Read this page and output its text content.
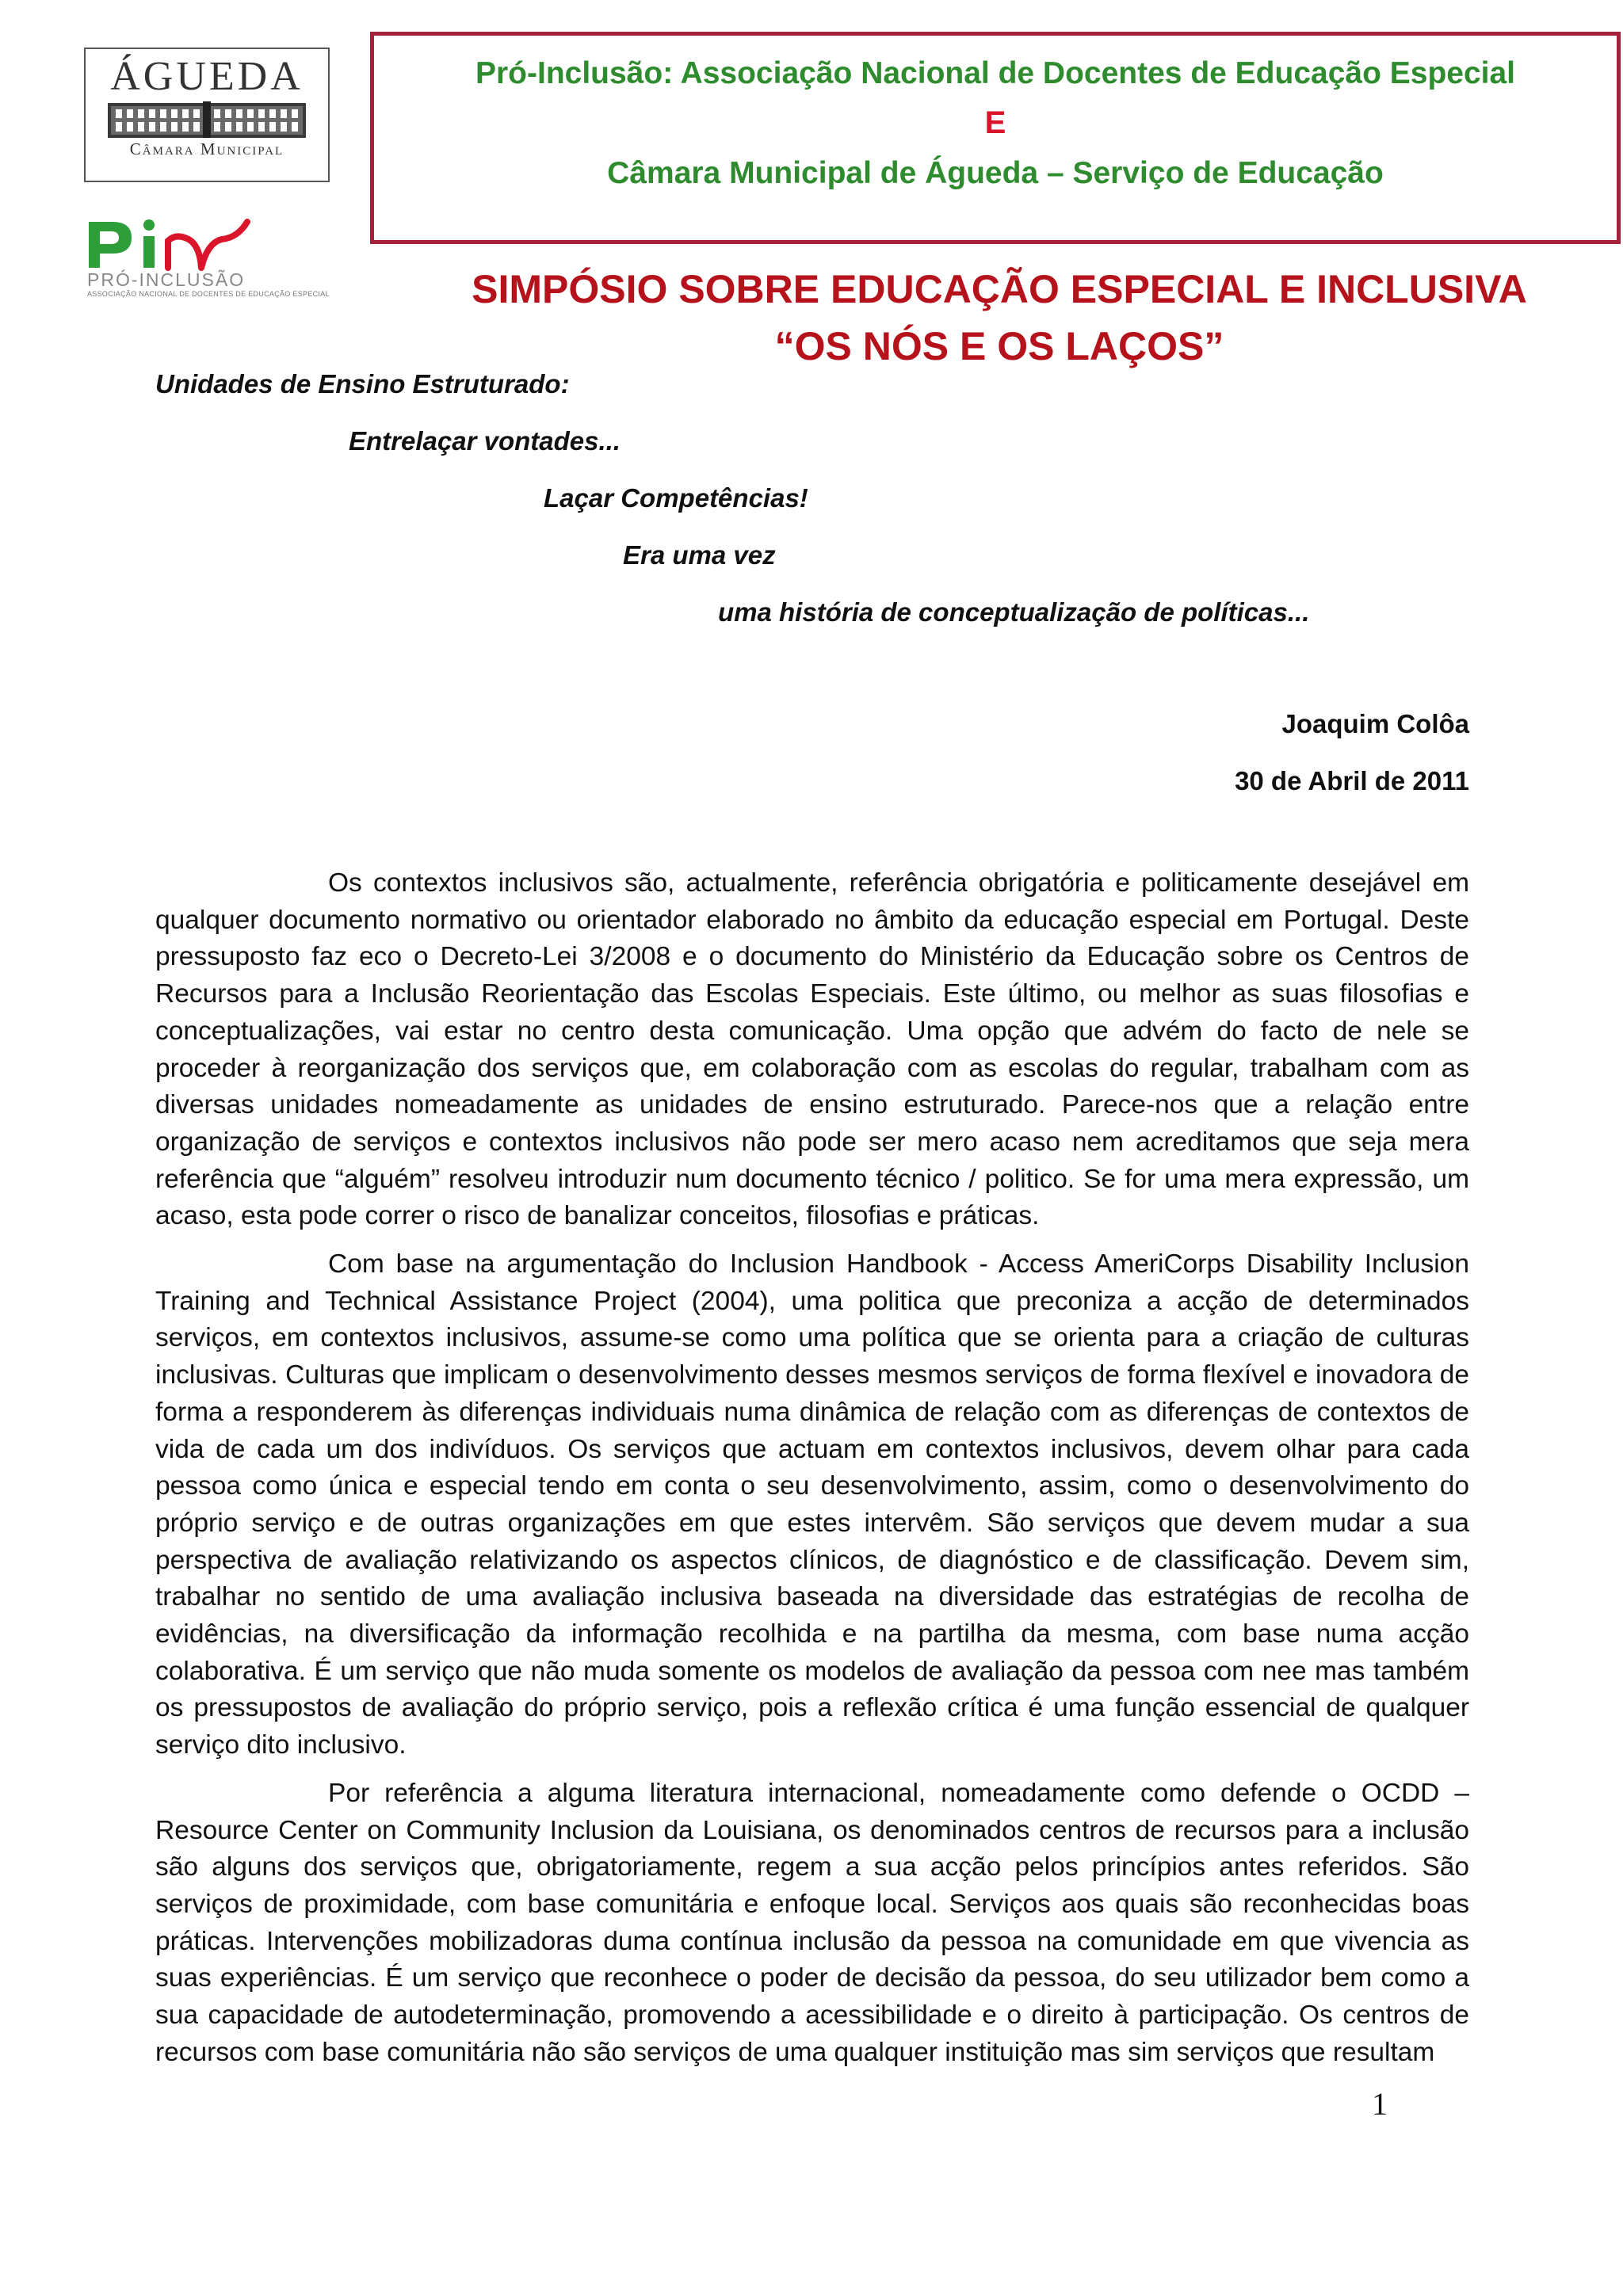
ÁGUEDA
Câmara Municipal
PRÓ-INCLUSÃO
ASSOCIAÇÃO NACIONAL DE DOCENTES DE EDUCAÇÃO ESPECIAL
Pró-Inclusão: Associação Nacional de Docentes de Educação Especial
E
Câmara Municipal de Águeda – Serviço de Educação
SIMPÓSIO SOBRE EDUCAÇÃO ESPECIAL E INCLUSIVA
“OS NÓS E OS LAÇOS”
Unidades de Ensino Estruturado:
Entrelaçar vontades...
Laçar Competências!
Era uma vez
uma história de conceptualização de políticas...
Joaquim Colôa
30 de Abril de 2011

Os contextos inclusivos são, actualmente, referência obrigatória e politicamente desejável em qualquer documento normativo ou orientador elaborado no âmbito da educação especial em Portugal. Deste pressuposto faz eco o Decreto-Lei 3/2008 e o documento do Ministério da Educação sobre os Centros de Recursos para a Inclusão Reorientação das Escolas Especiais. Este último, ou melhor as suas filosofias e conceptualizações, vai estar no centro desta comunicação. Uma opção que advém do facto de nele se proceder à reorganização dos serviços que, em colaboração com as escolas do regular, trabalham com as diversas unidades nomeadamente as unidades de ensino estruturado. Parece-nos que a relação entre organização de serviços e contextos inclusivos não pode ser mero acaso nem acreditamos que seja mera referência que “alguém” resolveu introduzir num documento técnico / politico. Se for uma mera expressão, um acaso, esta pode correr o risco de banalizar conceitos, filosofias e práticas.

Com base na argumentação do Inclusion Handbook - Access AmeriCorps Disability Inclusion Training and Technical Assistance Project (2004), uma politica que preconiza a acção de determinados serviços, em contextos inclusivos, assume-se como uma política que se orienta para a criação de culturas inclusivas. Culturas que implicam o desenvolvimento desses mesmos serviços de forma flexível e inovadora de forma a responderem às diferenças individuais numa dinâmica de relação com as diferenças de contextos de vida de cada um dos indivíduos. Os serviços que actuam em contextos inclusivos, devem olhar para cada pessoa como única e especial tendo em conta o seu desenvolvimento, assim, como o desenvolvimento do próprio serviço e de outras organizações em que estes intervêm. São serviços que devem mudar a sua perspectiva de avaliação relativizando os aspectos clínicos, de diagnóstico e de classificação. Devem sim, trabalhar no sentido de uma avaliação inclusiva baseada na diversidade das estratégias de recolha de evidências, na diversificação da informação recolhida e na partilha da mesma, com base numa acção colaborativa. É um serviço que não muda somente os modelos de avaliação da pessoa com nee mas também os pressupostos de avaliação do próprio serviço, pois a reflexão crítica é uma função essencial de qualquer serviço dito inclusivo.

Por referência a alguma literatura internacional, nomeadamente como defende o OCDD – Resource Center on Community Inclusion da Louisiana, os denominados centros de recursos para a inclusão são alguns dos serviços que, obrigatoriamente, regem a sua acção pelos princípios antes referidos. São serviços de proximidade, com base comunitária e enfoque local. Serviços aos quais são reconhecidas boas práticas. Intervenções mobilizadoras duma contínua inclusão da pessoa na comunidade em que vivencia as suas experiências. É um serviço que reconhece o poder de decisão da pessoa, do seu utilizador bem como a sua capacidade de autodeterminação, promovendo a acessibilidade e o direito à participação. Os centros de recursos com base comunitária não são serviços de uma qualquer instituição mas sim serviços que resultam

1
